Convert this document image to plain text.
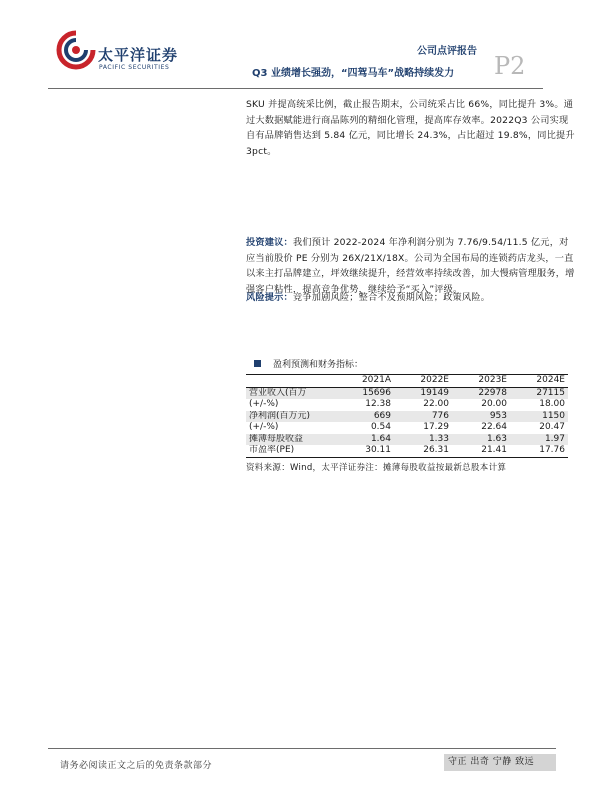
太平洋证券
PACIFIC SECURITIES
公司点评报告
Q3 业绩增长强劲，“四驾马车”战略持续发力 P2
SKU 并提高统采比例，截止报告期末，公司统采占比 66%，同比提升 3%。通过大数据赋能进行商品陈列的精细化管理，提高库存效率。2022Q3 公司实现自有品牌销售达到 5.84 亿元，同比增长 24.3%，占比超过 19.8%，同比提升 3pct。
投资建议：我们预计 2022-2024 年净利润分别为 7.76/9.54/11.5 亿元，对应当前股价 PE 分别为 26X/21X/18X。公司为全国布局的连锁药店龙头，一直以来主打品牌建立，坪效继续提升，经营效率持续改善，加大慢病管理服务，增强客户粘性，提高竞争优势，继续给予“买入”评级。
风险提示：竞争加剧风险；整合不及预期风险；政策风险。
盈利预测和财务指标：
	2021A	2022E	2023E	2024E
营业收入(百万	15696	19149	22978	27115
(+/-%)	12.38	22.00	20.00	18.00
净利润(百万元)	669	776	953	1150
(+/-%)	0.54	17.29	22.64	20.47
摊薄每股收益	1.64	1.33	1.63	1.97
市盈率(PE)	30.11	26.31	21.41	17.76
资料来源：Wind，太平洋证券注：摊薄每股收益按最新总股本计算
请务必阅读正文之后的免责条款部分	守正 出奇 宁静 致远
